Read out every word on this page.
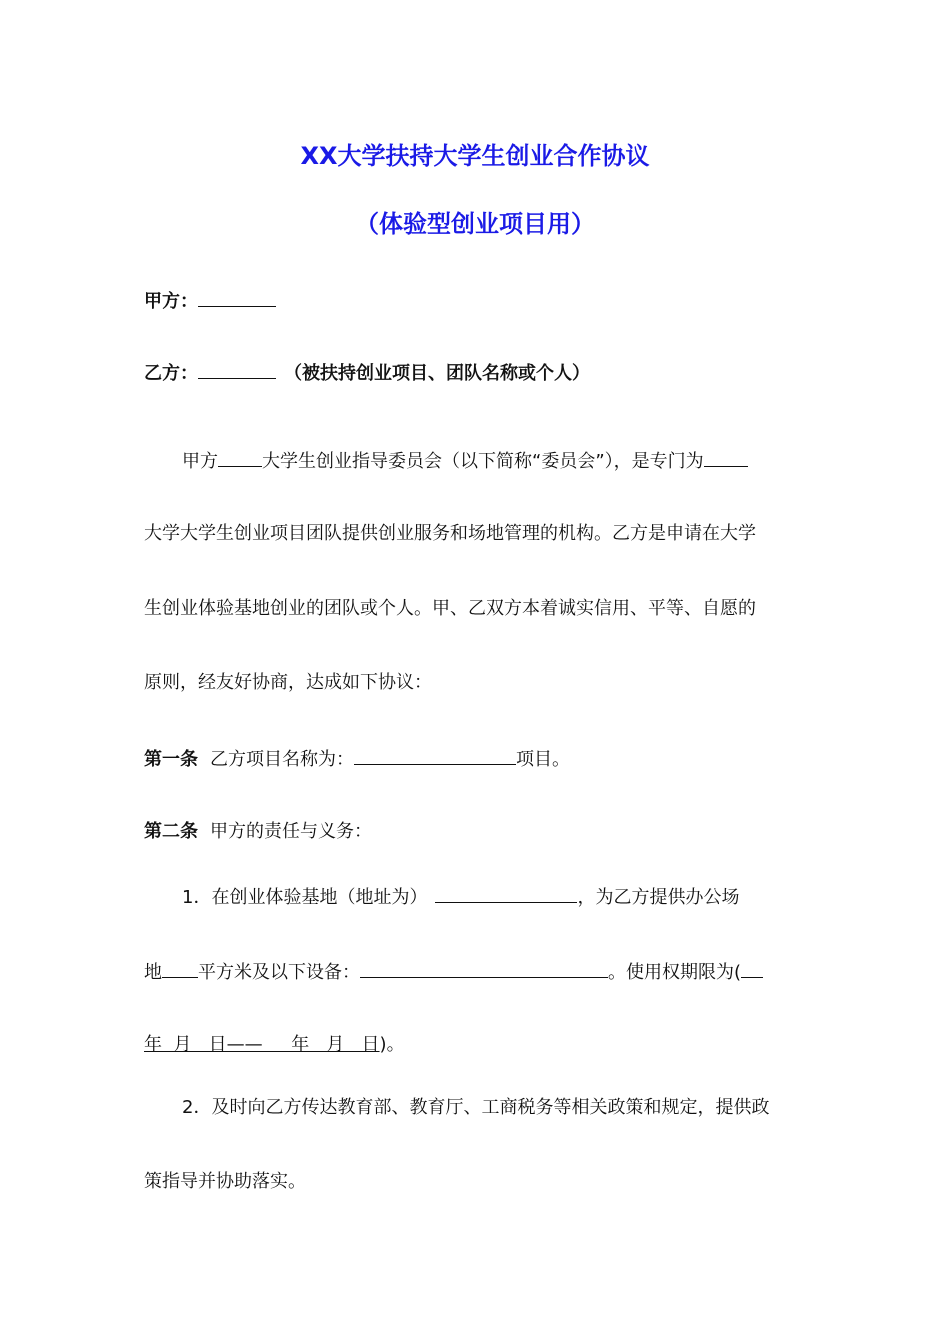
XX大学扶持大学生创业合作协议
（体验型创业项目用）
甲方：
乙方：	（被扶持创业项目、团队名称或个人）
甲方 大学生创业指导委员会（以下简称“委员会”），是专门为
大学大学生创业项目团队提供创业服务和场地管理的机构。乙方是申请在大学
生创业体验基地创业的团队或个人。甲、乙双方本着诚实信用、平等、自愿的
原则，经友好协商，达成如下协议：
第一条 乙方项目名称为：	项目。
第二条 甲方的责任与义务：
1．在创业体验基地（地址为）	，为乙方提供办公场
地 平方米及以下设备：	。使用权期限为(
年  月   日——     年   月   日)。
2．及时向乙方传达教育部、教育厅、工商税务等相关政策和规定，提供政
策指导并协助落实。
